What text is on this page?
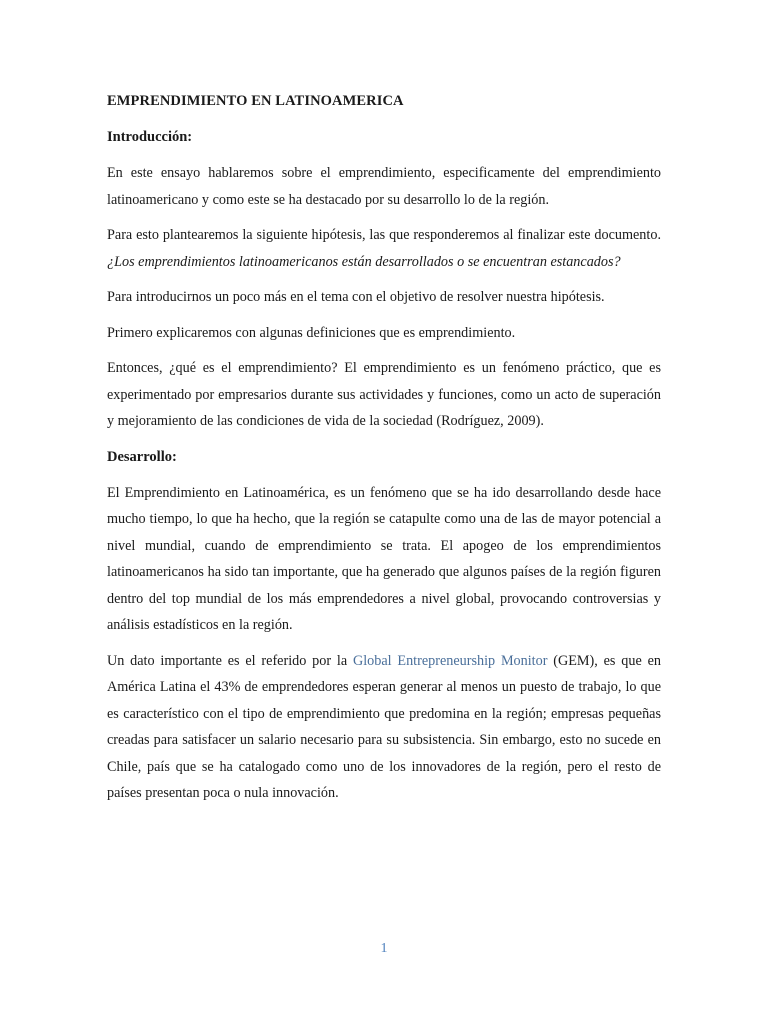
EMPRENDIMIENTO EN LATINOAMERICA
Introducción:

En este ensayo hablaremos sobre el emprendimiento, especificamente del emprendimiento latinoamericano y como este se ha destacado por su desarrollo lo de la región.

Para esto plantearemos la siguiente hipótesis, las que responderemos al finalizar este documento. ¿Los emprendimientos latinoamericanos están desarrollados o se encuentran estancados?

Para introducirnos un poco más en el tema con el objetivo de resolver nuestra hipótesis.

Primero explicaremos con algunas definiciones que es emprendimiento.

Entonces, ¿qué es el emprendimiento? El emprendimiento es un fenómeno práctico, que es experimentado por empresarios durante sus actividades y funciones, como un acto de superación y mejoramiento de las condiciones de vida de la sociedad (Rodríguez, 2009).

Desarrollo:

El Emprendimiento en Latinoamérica, es un fenómeno que se ha ido desarrollando desde hace mucho tiempo, lo que ha hecho, que la región se catapulte como una de las de mayor potencial a nivel mundial, cuando de emprendimiento se trata. El apogeo de los emprendimientos latinoamericanos ha sido tan importante, que ha generado que algunos países de la región figuren dentro del top mundial de los más emprendedores a nivel global, provocando controversias y análisis estadísticos en la región.

Un dato importante es el referido por la Global Entrepreneurship Monitor (GEM), es que en América Latina el 43% de emprendedores esperan generar al menos un puesto de trabajo, lo que es característico con el tipo de emprendimiento que predomina en la región; empresas pequeñas creadas para satisfacer un salario necesario para su subsistencia. Sin embargo, esto no sucede en Chile, país que se ha catalogado como uno de los innovadores de la región, pero el resto de países presentan poca o nula innovación.

1
